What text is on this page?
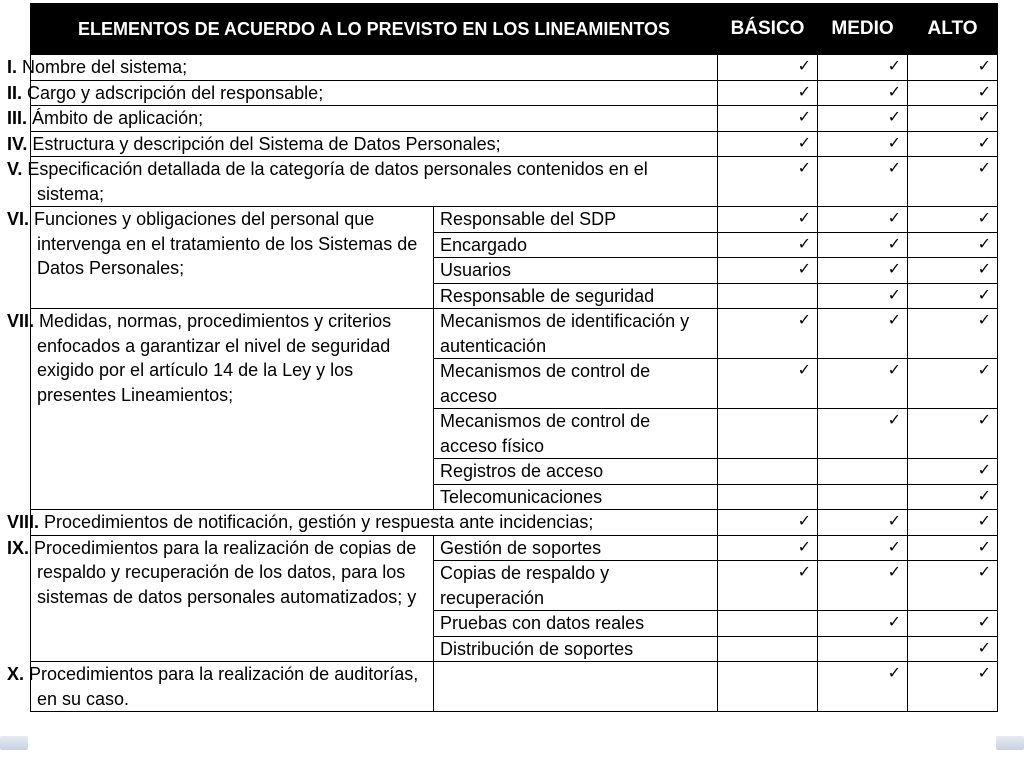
ELEMENTOS DE ACUERDO A LO PREVISTO EN LOS LINEAMIENTOS		BÁSICO	MEDIO	ALTO
I. Nombre del sistema;		✓	✓	✓
II. Cargo y adscripción del responsable;		✓	✓	✓
III. Ámbito de aplicación;		✓	✓	✓
IV. Estructura y descripción del Sistema de Datos Personales;		✓	✓	✓
V. Especificación detallada de la categoría de datos personales contenidos en el sistema;		✓	✓	✓
VI. Funciones y obligaciones del personal que intervenga en el tratamiento de los Sistemas de Datos Personales;	Responsable del SDP	✓	✓	✓
	Encargado	✓	✓	✓
	Usuarios	✓	✓	✓
	Responsable de seguridad		✓	✓
VII. Medidas, normas, procedimientos y criterios enfocados a garantizar el nivel de seguridad exigido por el artículo 14 de la Ley y los presentes Lineamientos;	Mecanismos de identificación y autenticación	✓	✓	✓
	Mecanismos de control de acceso	✓	✓	✓
	Mecanismos de control de acceso físico		✓	✓
	Registros de acceso			✓
	Telecomunicaciones			✓
VIII. Procedimientos de notificación, gestión y respuesta ante incidencias;		✓	✓	✓
IX. Procedimientos para la realización de copias de respaldo y recuperación de los datos, para los sistemas de datos personales automatizados; y	Gestión de soportes	✓	✓	✓
	Copias de respaldo y recuperación	✓	✓	✓
	Pruebas con datos reales		✓	✓
	Distribución de soportes			✓
X. Procedimientos para la realización de auditorías, en su caso.			✓	✓
